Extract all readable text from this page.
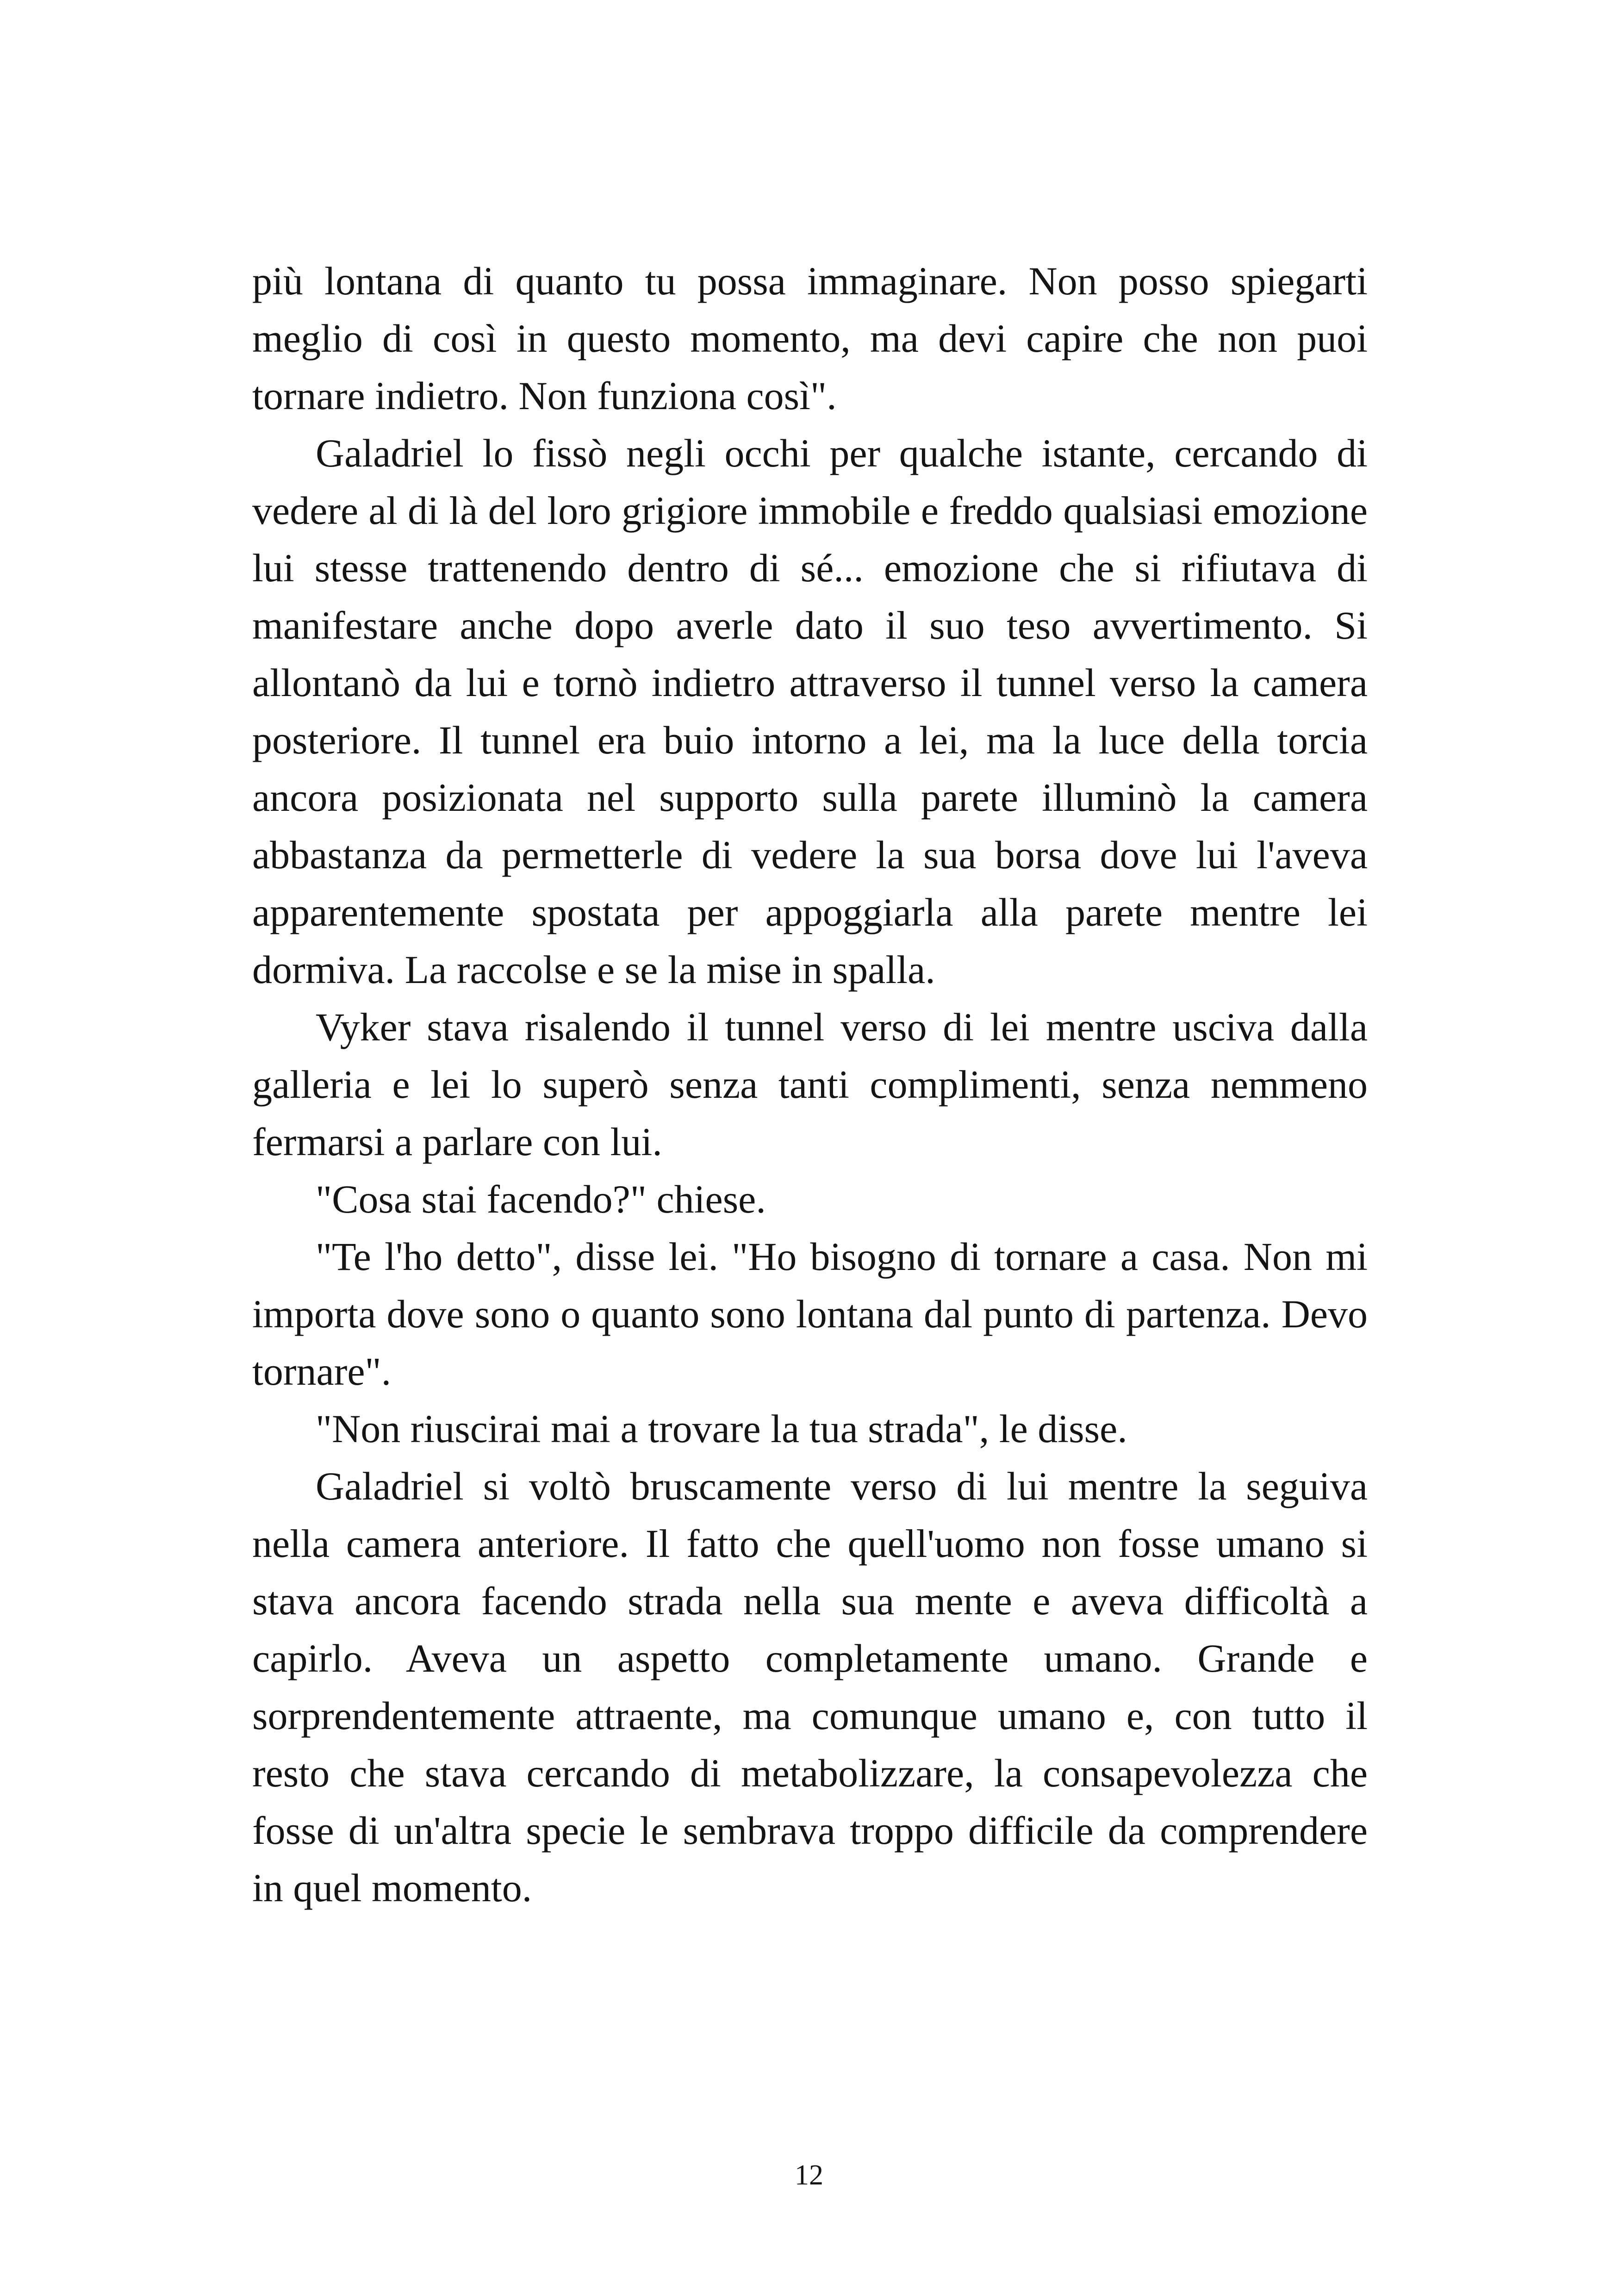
più lontana di quanto tu possa immaginare. Non posso spiegarti meglio di così in questo momento, ma devi capire che non puoi tornare indietro. Non funziona così".

Galadriel lo fissò negli occhi per qualche istante, cercando di vedere al di là del loro grigiore immobile e freddo qualsiasi emozione lui stesse trattenendo dentro di sé... emozione che si rifiutava di manifestare anche dopo averle dato il suo teso avvertimento. Si allontanò da lui e tornò indietro attraverso il tunnel verso la camera posteriore. Il tunnel era buio intorno a lei, ma la luce della torcia ancora posizionata nel supporto sulla parete illuminò la camera abbastanza da permetterle di vedere la sua borsa dove lui l'aveva apparentemente spostata per appoggiarla alla parete mentre lei dormiva. La raccolse e se la mise in spalla.

Vyker stava risalendo il tunnel verso di lei mentre usciva dalla galleria e lei lo superò senza tanti complimenti, senza nemmeno fermarsi a parlare con lui.

"Cosa stai facendo?" chiese.

"Te l'ho detto", disse lei. "Ho bisogno di tornare a casa. Non mi importa dove sono o quanto sono lontana dal punto di partenza. Devo tornare".

"Non riuscirai mai a trovare la tua strada", le disse.

Galadriel si voltò bruscamente verso di lui mentre la seguiva nella camera anteriore. Il fatto che quell'uomo non fosse umano si stava ancora facendo strada nella sua mente e aveva difficoltà a capirlo. Aveva un aspetto completamente umano. Grande e sorprendentemente attraente, ma comunque umano e, con tutto il resto che stava cercando di metabolizzare, la consapevolezza che fosse di un'altra specie le sembrava troppo difficile da comprendere in quel momento.

12
